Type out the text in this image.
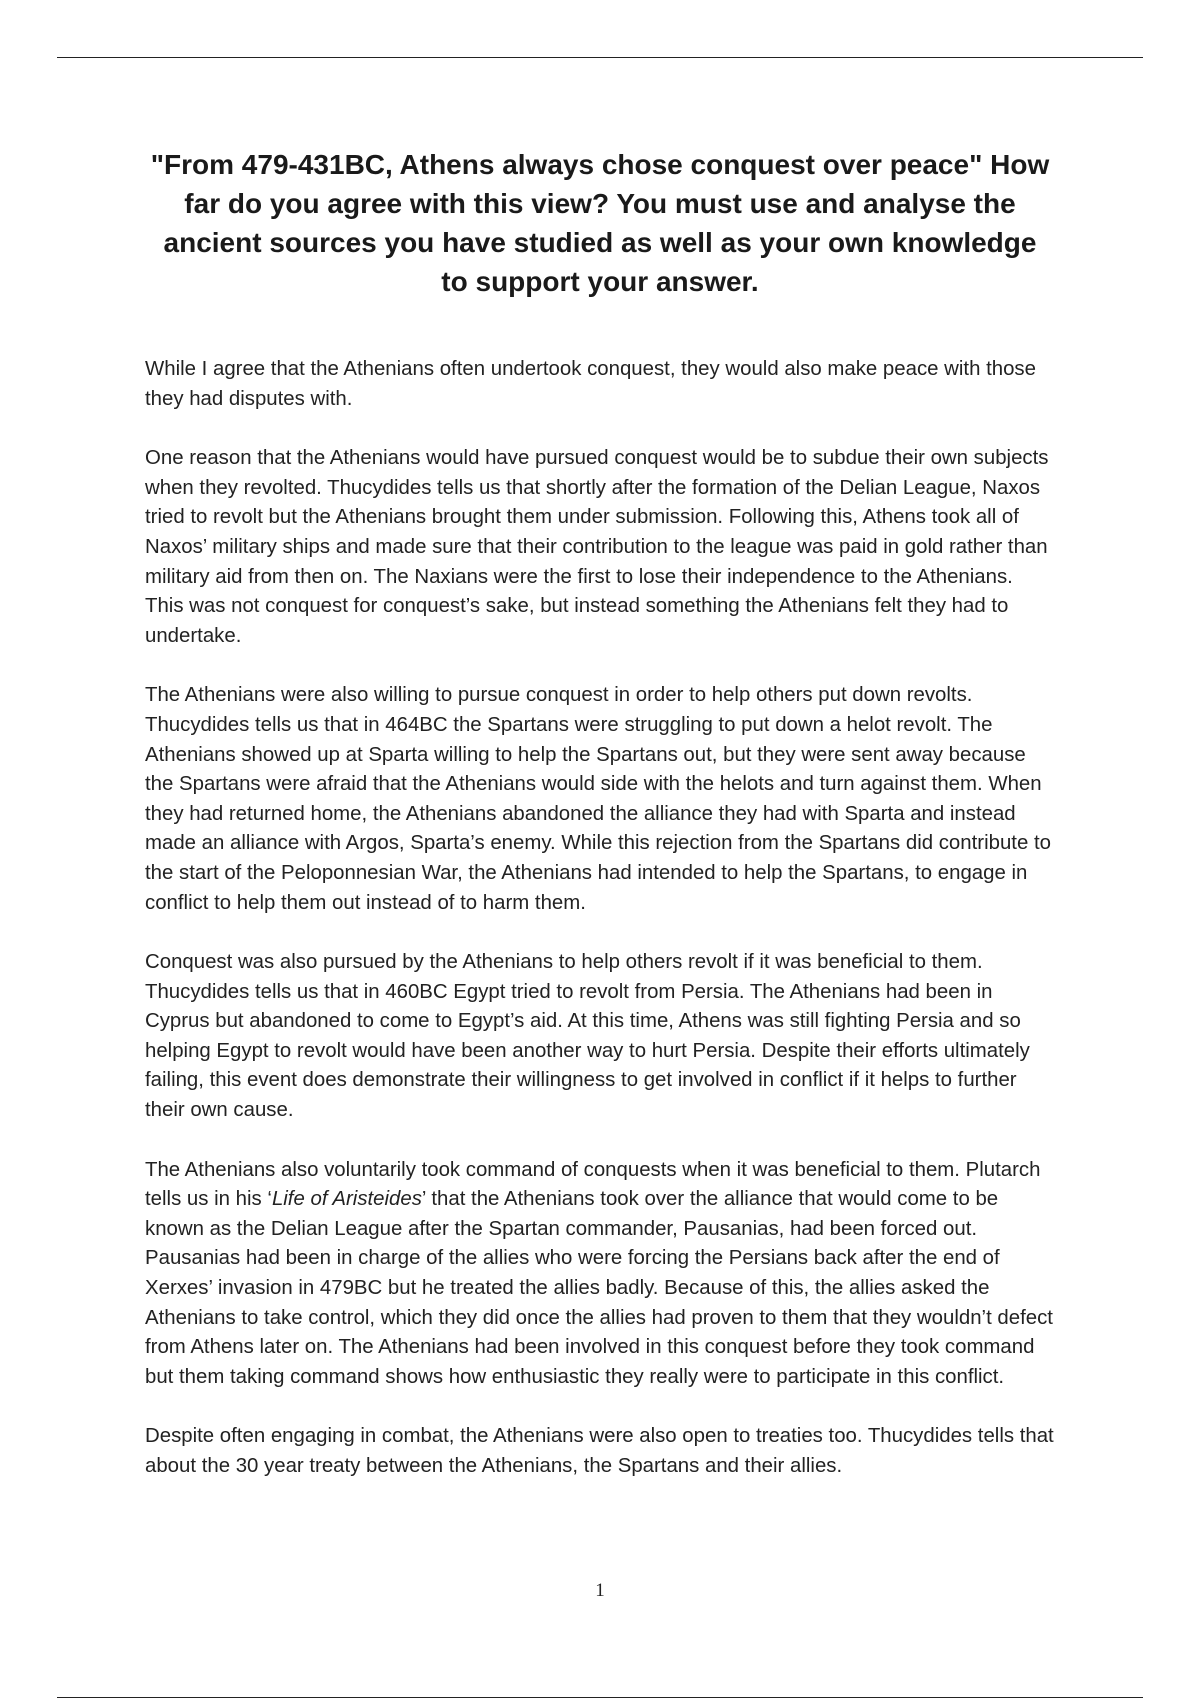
"From 479-431BC, Athens always chose conquest over peace" How far do you agree with this view? You must use and analyse the ancient sources you have studied as well as your own knowledge to support your answer.

While I agree that the Athenians often undertook conquest, they would also make peace with those they had disputes with.

One reason that the Athenians would have pursued conquest would be to subdue their own subjects when they revolted. Thucydides tells us that shortly after the formation of the Delian League, Naxos tried to revolt but the Athenians brought them under submission. Following this, Athens took all of Naxos’ military ships and made sure that their contribution to the league was paid in gold rather than military aid from then on. The Naxians were the first to lose their independence to the Athenians. This was not conquest for conquest’s sake, but instead something the Athenians felt they had to undertake.

The Athenians were also willing to pursue conquest in order to help others put down revolts. Thucydides tells us that in 464BC the Spartans were struggling to put down a helot revolt. The Athenians showed up at Sparta willing to help the Spartans out, but they were sent away because the Spartans were afraid that the Athenians would side with the helots and turn against them. When they had returned home, the Athenians abandoned the alliance they had with Sparta and instead made an alliance with Argos, Sparta’s enemy. While this rejection from the Spartans did contribute to the start of the Peloponnesian War, the Athenians had intended to help the Spartans, to engage in conflict to help them out instead of to harm them.

Conquest was also pursued by the Athenians to help others revolt if it was beneficial to them. Thucydides tells us that in 460BC Egypt tried to revolt from Persia. The Athenians had been in Cyprus but abandoned to come to Egypt’s aid. At this time, Athens was still fighting Persia and so helping Egypt to revolt would have been another way to hurt Persia. Despite their efforts ultimately failing, this event does demonstrate their willingness to get involved in conflict if it helps to further their own cause.

The Athenians also voluntarily took command of conquests when it was beneficial to them. Plutarch tells us in his ‘Life of Aristeides’ that the Athenians took over the alliance that would come to be known as the Delian League after the Spartan commander, Pausanias, had been forced out. Pausanias had been in charge of the allies who were forcing the Persians back after the end of Xerxes’ invasion in 479BC but he treated the allies badly. Because of this, the allies asked the Athenians to take control, which they did once the allies had proven to them that they wouldn’t defect from Athens later on. The Athenians had been involved in this conquest before they took command but them taking command shows how enthusiastic they really were to participate in this conflict.

Despite often engaging in combat, the Athenians were also open to treaties too. Thucydides tells that about the 30 year treaty between the Athenians, the Spartans and their allies.

1
